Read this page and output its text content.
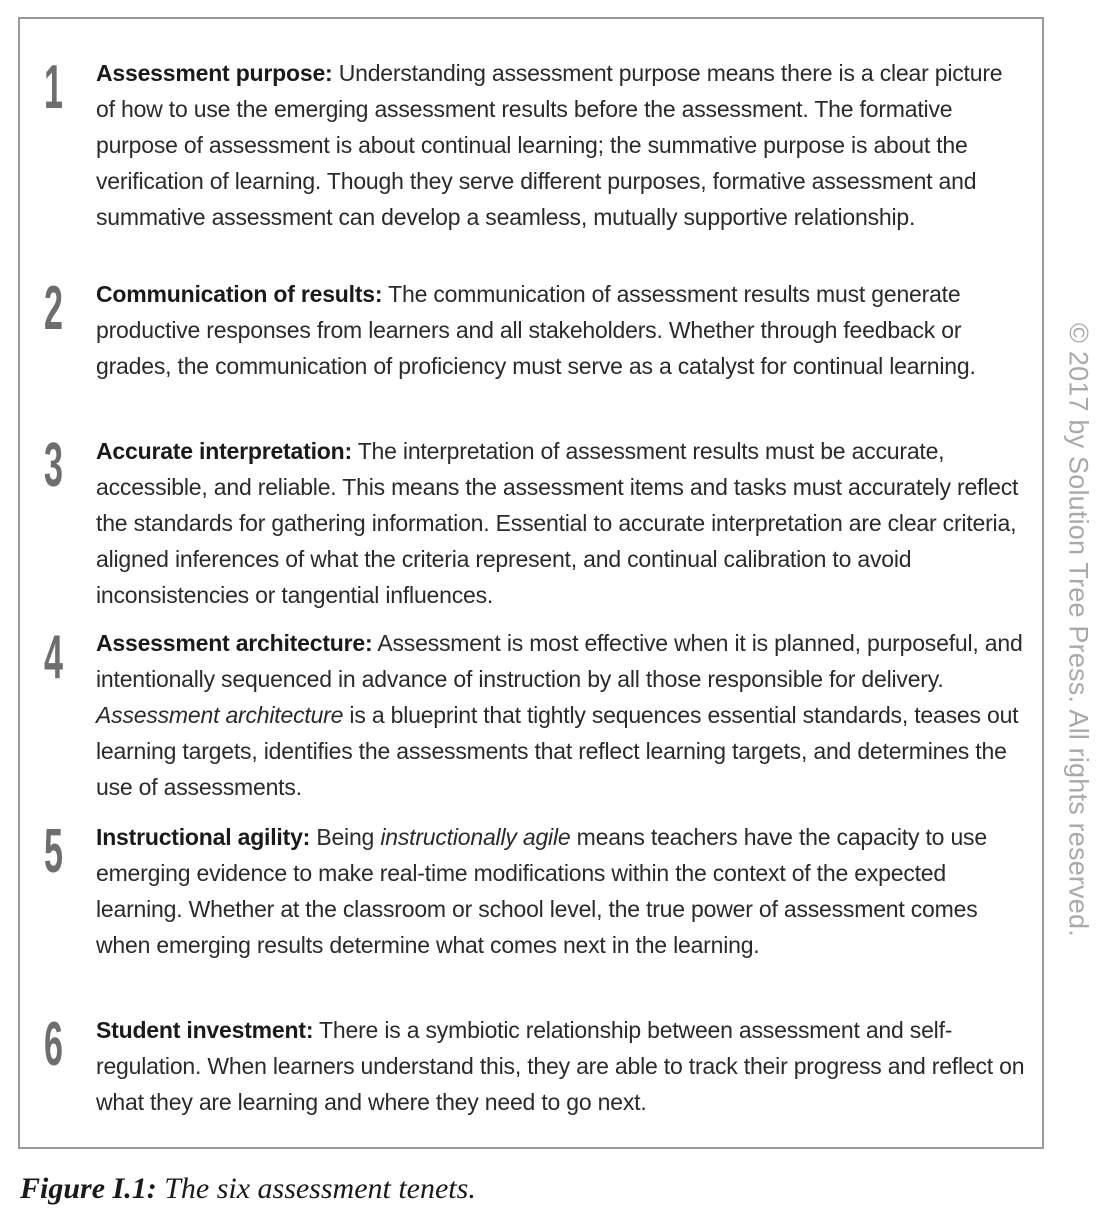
1 Assessment purpose: Understanding assessment purpose means there is a clear picture of how to use the emerging assessment results before the assessment. The formative purpose of assessment is about continual learning; the summative purpose is about the verification of learning. Though they serve different purposes, formative assessment and summative assessment can develop a seamless, mutually supportive relationship.
2 Communication of results: The communication of assessment results must generate productive responses from learners and all stakeholders. Whether through feedback or grades, the communication of proficiency must serve as a catalyst for continual learning.
3 Accurate interpretation: The interpretation of assessment results must be accurate, accessible, and reliable. This means the assessment items and tasks must accurately reflect the standards for gathering information. Essential to accurate interpretation are clear criteria, aligned inferences of what the criteria represent, and continual calibration to avoid inconsistencies or tangential influences.
4 Assessment architecture: Assessment is most effective when it is planned, purposeful, and intentionally sequenced in advance of instruction by all those responsible for delivery. Assessment architecture is a blueprint that tightly sequences essential standards, teases out learning targets, identifies the assessments that reflect learning targets, and determines the use of assessments.
5 Instructional agility: Being instructionally agile means teachers have the capacity to use emerging evidence to make real-time modifications within the context of the expected learning. Whether at the classroom or school level, the true power of assessment comes when emerging results determine what comes next in the learning.
6 Student investment: There is a symbiotic relationship between assessment and self-regulation. When learners understand this, they are able to track their progress and reflect on what they are learning and where they need to go next.
© 2017 by Solution Tree Press. All rights reserved.
Figure I.1: The six assessment tenets.
